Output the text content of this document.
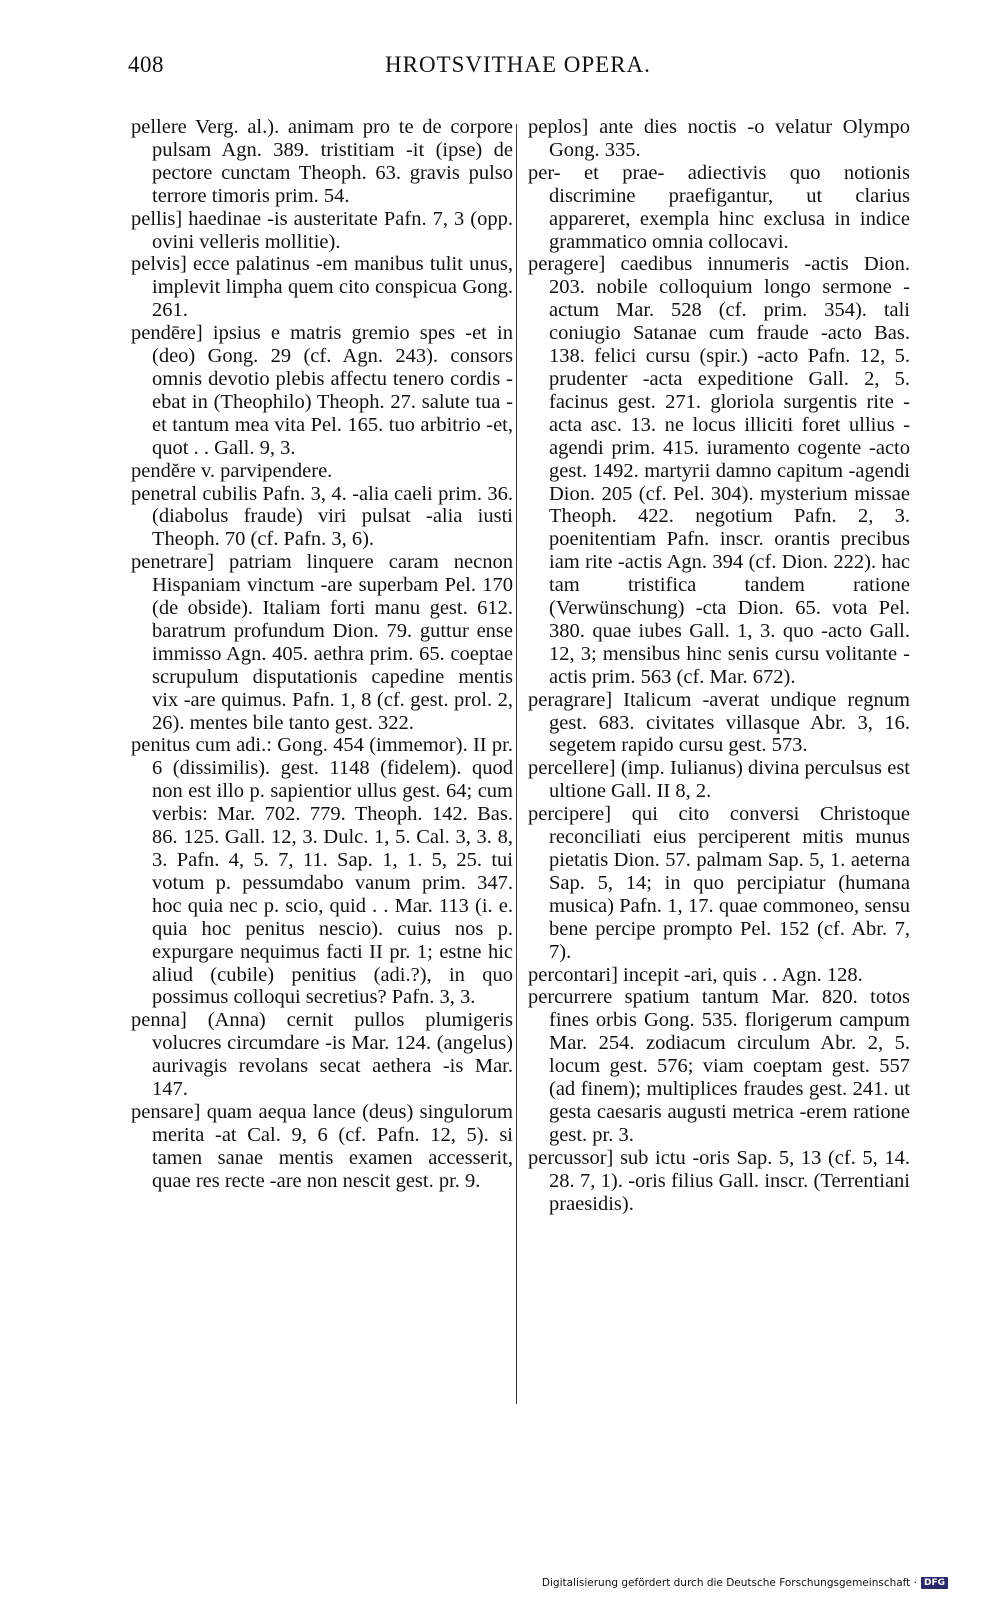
408	HROTSVITHAE OPERA.

pellere Verg. al.). animam pro te de corpore pulsam Agn. 389. tristitiam -it (ipse) de pectore cunctam Theoph. 63. gravis pulso terrore timoris prim. 54.

pellis] haedinae -is austeritate Pafn. 7, 3 (opp. ovini velleris mollitie).

pelvis] ecce palatinus -em manibus tulit unus, implevit limpha quem cito conspicua Gong. 261.

pendēre] ipsius e matris gremio spes -et in (deo) Gong. 29 (cf. Agn. 243). consors omnis devotio plebis affectu tenero cordis -ebat in (Theophilo) Theoph. 27. salute tua -et tantum mea vita Pel. 165. tuo arbitrio -et, quot . . Gall. 9, 3.

pendĕre v. parvipendere.

penetral cubilis Pafn. 3, 4. -alia caeli prim. 36. (diabolus fraude) viri pulsat -alia iusti Theoph. 70 (cf. Pafn. 3, 6).

penetrare] patriam linquere caram necnon Hispaniam vinctum -are superbam Pel. 170 (de obside). Italiam forti manu gest. 612. baratrum profundum Dion. 79. guttur ense immisso Agn. 405. aethra prim. 65. coeptae scrupulum disputationis capedine mentis vix -are quimus. Pafn. 1, 8 (cf. gest. prol. 2, 26). mentes bile tanto gest. 322.

penitus cum adi.: Gong. 454 (immemor). II pr. 6 (dissimilis). gest. 1148 (fidelem). quod non est illo p. sapientior ullus gest. 64; cum verbis: Mar. 702. 779. Theoph. 142. Bas. 86. 125. Gall. 12, 3. Dulc. 1, 5. Cal. 3, 3. 8, 3. Pafn. 4, 5. 7, 11. Sap. 1, 1. 5, 25. tui votum p. pessumdabo vanum prim. 347. hoc quia nec p. scio, quid . . Mar. 113 (i. e. quia hoc penitus nescio). cuius nos p. expurgare nequimus facti II pr. 1; estne hic aliud (cubile) penitius (adi.?), in quo possimus colloqui secretius? Pafn. 3, 3.

penna] (Anna) cernit pullos plumigeris volucres circumdare -is Mar. 124. (angelus) aurivagis revolans secat aethera -is Mar. 147.

pensare] quam aequa lance (deus) singulorum merita -at Cal. 9, 6 (cf. Pafn. 12, 5). si tamen sanae mentis examen accesserit, quae res recte -are non nescit gest. pr. 9.

peplos] ante dies noctis -o velatur Olympo Gong. 335.

per- et prae- adiectivis quo notionis discrimine praefigantur, ut clarius appareret, exempla hinc exclusa in indice grammatico omnia collocavi.

peragere] caedibus innumeris -actis Dion. 203. nobile colloquium longo sermone -actum Mar. 528 (cf. prim. 354). tali coniugio Satanae cum fraude -acto Bas. 138. felici cursu (spir.) -acto Pafn. 12, 5. prudenter -acta expeditione Gall. 2, 5. facinus gest. 271. gloriola surgentis rite -acta asc. 13. ne locus illiciti foret ullius -agendi prim. 415. iuramento cogente -acto gest. 1492. martyrii damno capitum -agendi Dion. 205 (cf. Pel. 304). mysterium missae Theoph. 422. negotium Pafn. 2, 3. poenitentiam Pafn. inscr. orantis precibus iam rite -actis Agn. 394 (cf. Dion. 222). hac tam tristifica tandem ratione (Verwünschung) -cta Dion. 65. vota Pel. 380. quae iubes Gall. 1, 3. quo -acto Gall. 12, 3; mensibus hinc senis cursu volitante -actis prim. 563 (cf. Mar. 672).

peragrare] Italicum -averat undique regnum gest. 683. civitates villasque Abr. 3, 16. segetem rapido cursu gest. 573.

percellere] (imp. Iulianus) divina perculsus est ultione Gall. II 8, 2.

percipere] qui cito conversi Christoque reconciliati eius perciperent mitis munus pietatis Dion. 57. palmam Sap. 5, 1. aeterna Sap. 5, 14; in quo percipiatur (humana musica) Pafn. 1, 17. quae commoneo, sensu bene percipe prompto Pel. 152 (cf. Abr. 7, 7).

percontari] incepit -ari, quis . . Agn. 128.

percurrere spatium tantum Mar. 820. totos fines orbis Gong. 535. florigerum campum Mar. 254. zodiacum circulum Abr. 2, 5. locum gest. 576; viam coeptam gest. 557 (ad finem); multiplices fraudes gest. 241. ut gesta caesaris augusti metrica -erem ratione gest. pr. 3.

percussor] sub ictu -oris Sap. 5, 13 (cf. 5, 14. 28. 7, 1). -oris filius Gall. inscr. (Terrentiani praesidis).

Digitalisierung gefördert durch die Deutsche Forschungsgemeinschaft · DFG
